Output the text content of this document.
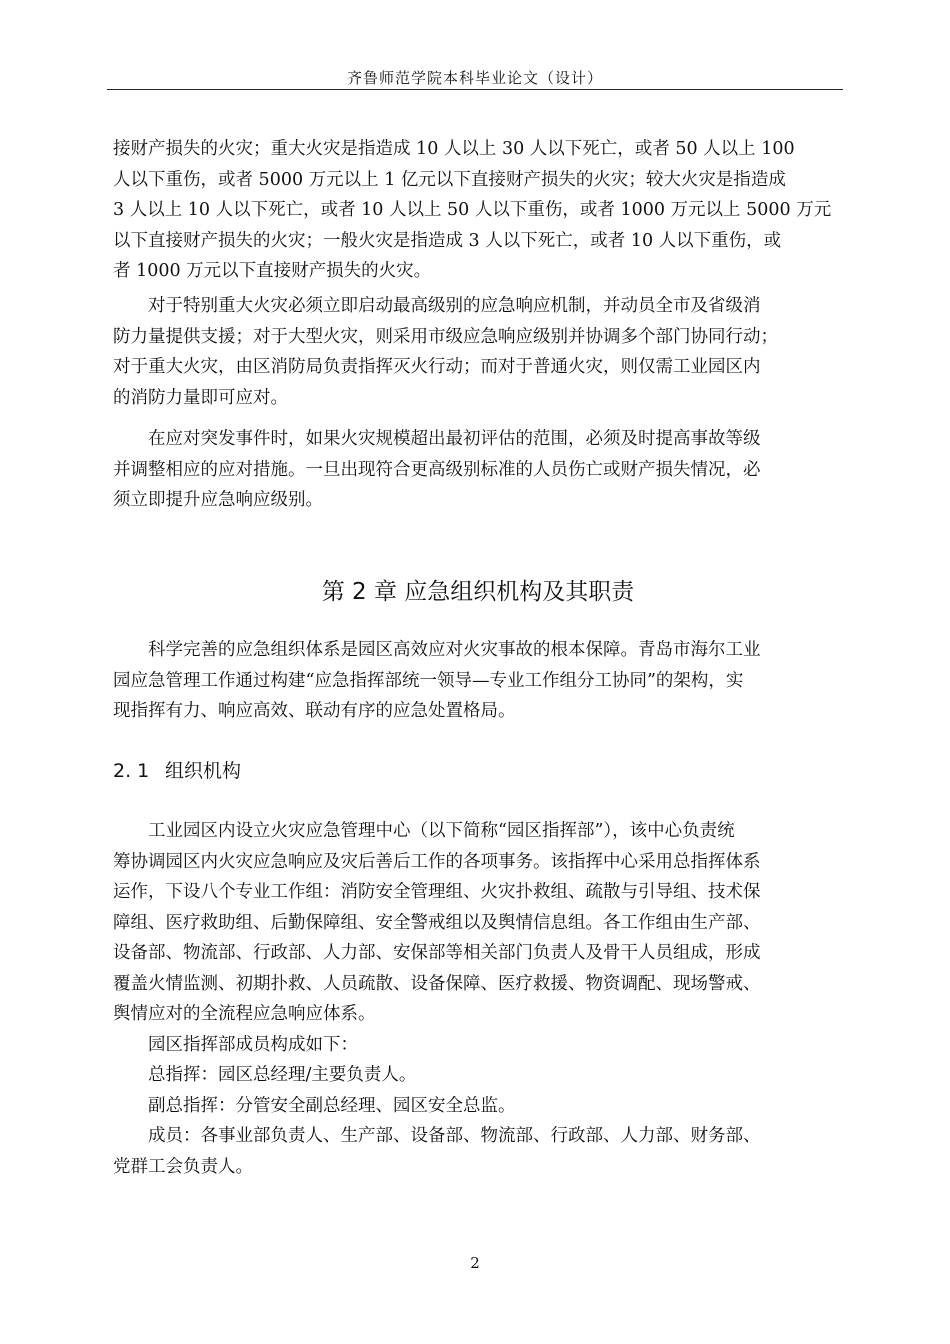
齐鲁师范学院本科毕业论文（设计）
接财产损失的火灾；重大火灾是指造成 10 人以上 30 人以下死亡，或者 50 人以上 100
人以下重伤，或者 5000 万元以上 1 亿元以下直接财产损失的火灾；较大火灾是指造成
3 人以上 10 人以下死亡，或者 10 人以上 50 人以下重伤，或者 1000 万元以上 5000 万元
以下直接财产损失的火灾；一般火灾是指造成 3 人以下死亡，或者 10 人以下重伤，或
者 1000 万元以下直接财产损失的火灾。
　　对于特别重大火灾必须立即启动最高级别的应急响应机制，并动员全市及省级消
防力量提供支援；对于大型火灾，则采用市级应急响应级别并协调多个部门协同行动；
对于重大火灾，由区消防局负责指挥灭火行动；而对于普通火灾，则仅需工业园区内
的消防力量即可应对。
　　在应对突发事件时，如果火灾规模超出最初评估的范围，必须及时提高事故等级
并调整相应的应对措施。一旦出现符合更高级别标准的人员伤亡或财产损失情况，必
须立即提升应急响应级别。
第 2 章 应急组织机构及其职责
　　科学完善的应急组织体系是园区高效应对火灾事故的根本保障。青岛市海尔工业
园应急管理工作通过构建“应急指挥部统一领导—专业工作组分工协同”的架构，实
现指挥有力、响应高效、联动有序的应急处置格局。
2. 1 组织机构
　　工业园区内设立火灾应急管理中心（以下简称“园区指挥部”），该中心负责统
筹协调园区内火灾应急响应及灾后善后工作的各项事务。该指挥中心采用总指挥体系
运作，下设八个专业工作组：消防安全管理组、火灾扑救组、疏散与引导组、技术保
障组、医疗救助组、后勤保障组、安全警戒组以及舆情信息组。各工作组由生产部、
设备部、物流部、行政部、人力部、安保部等相关部门负责人及骨干人员组成，形成
覆盖火情监测、初期扑救、人员疏散、设备保障、医疗救援、物资调配、现场警戒、
舆情应对的全流程应急响应体系。
　　园区指挥部成员构成如下：
　　总指挥：园区总经理/主要负责人。
　　副总指挥：分管安全副总经理、园区安全总监。
　　成员：各事业部负责人、生产部、设备部、物流部、行政部、人力部、财务部、
党群工会负责人。
2
